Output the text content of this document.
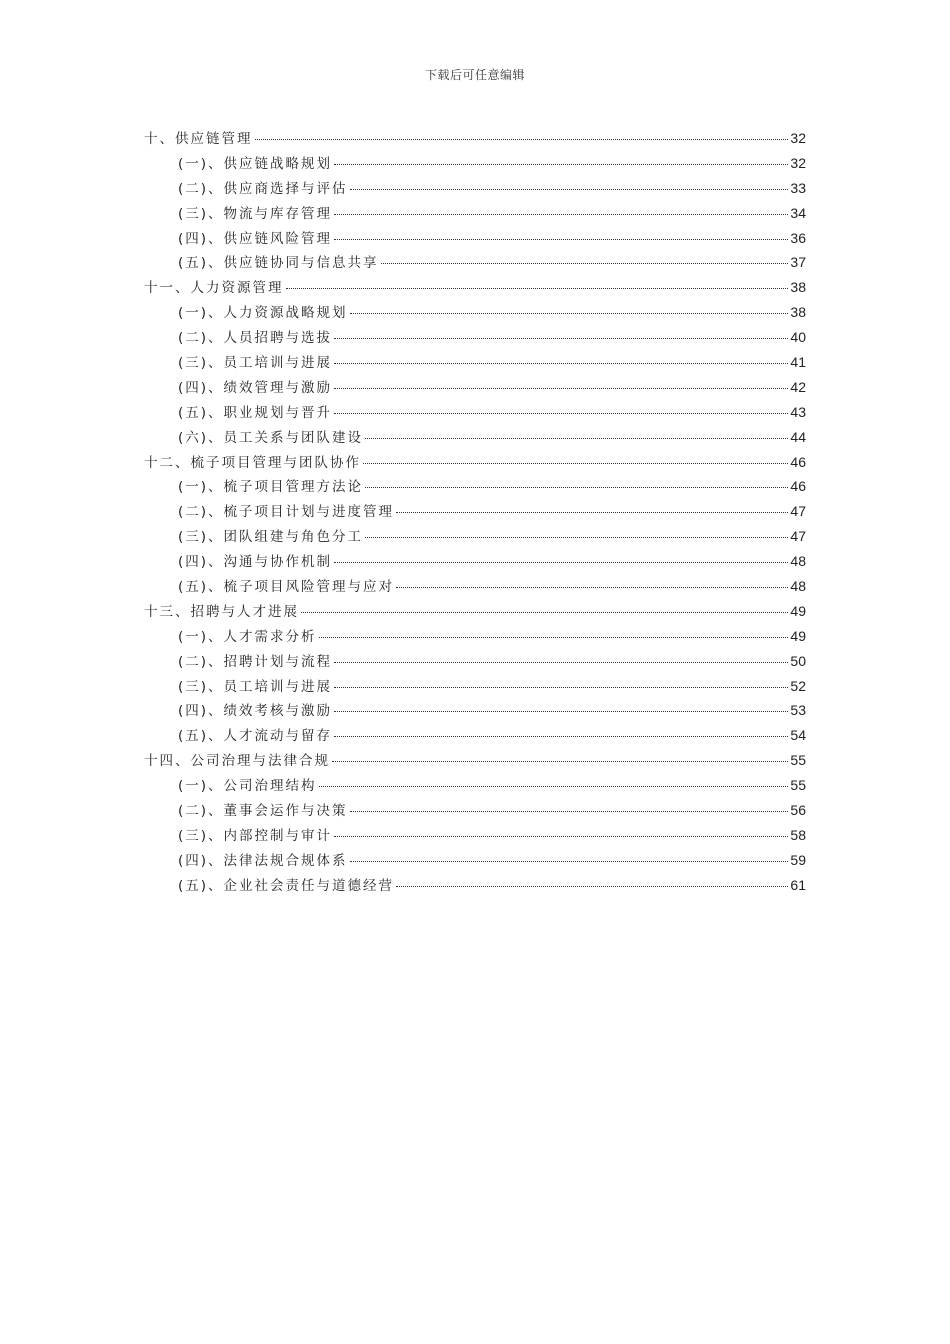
下载后可任意编辑
十、供应链管理	32
(一)、供应链战略规划	32
(二)、供应商选择与评估	33
(三)、物流与库存管理	34
(四)、供应链风险管理	36
(五)、供应链协同与信息共享	37
十一、人力资源管理	38
(一)、人力资源战略规划	38
(二)、人员招聘与选拔	40
(三)、员工培训与进展	41
(四)、绩效管理与激励	42
(五)、职业规划与晋升	43
(六)、员工关系与团队建设	44
十二、梳子项目管理与团队协作	46
(一)、梳子项目管理方法论	46
(二)、梳子项目计划与进度管理	47
(三)、团队组建与角色分工	47
(四)、沟通与协作机制	48
(五)、梳子项目风险管理与应对	48
十三、招聘与人才进展	49
(一)、人才需求分析	49
(二)、招聘计划与流程	50
(三)、员工培训与进展	52
(四)、绩效考核与激励	53
(五)、人才流动与留存	54
十四、公司治理与法律合规	55
(一)、公司治理结构	55
(二)、董事会运作与决策	56
(三)、内部控制与审计	58
(四)、法律法规合规体系	59
(五)、企业社会责任与道德经营	61
